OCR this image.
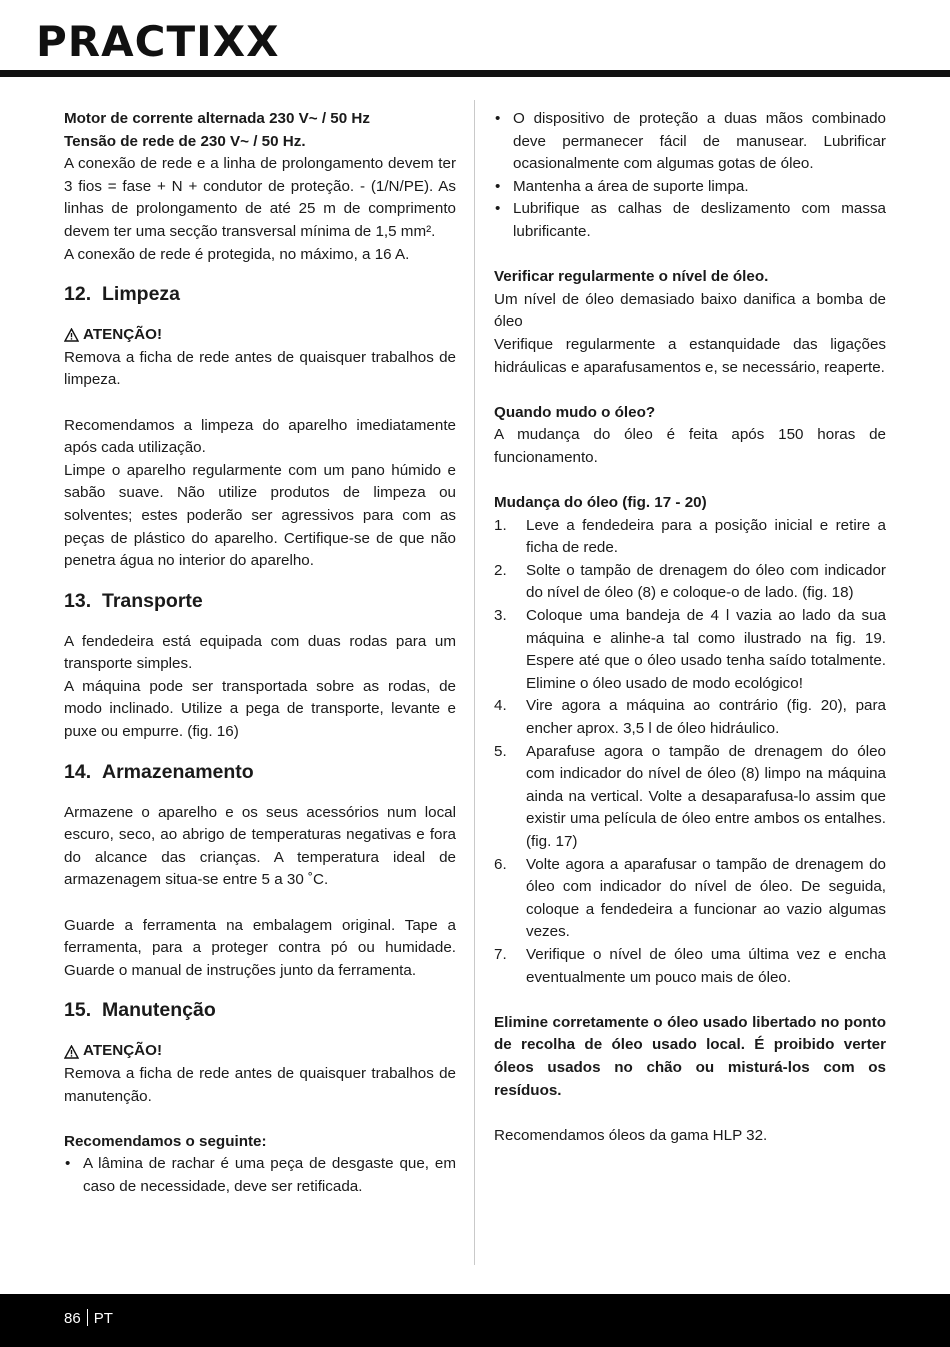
PRACTIXX

Motor de corrente alternada 230 V~ / 50 Hz

Tensão de rede de 230 V~ / 50 Hz.

A conexão de rede e a linha de prolongamento devem ter 3 fios = fase + N + condutor de proteção. - (1/N/PE). As linhas de prolongamento de até 25 m de comprimento devem ter uma secção transversal mínima de 1,5 mm².

A conexão de rede é protegida, no máximo, a 16 A.

12. Limpeza

ATENÇÃO!

Remova a ficha de rede antes de quaisquer trabalhos de limpeza.

Recomendamos a limpeza do aparelho imediatamente após cada utilização.

Limpe o aparelho regularmente com um pano húmido e sabão suave. Não utilize produtos de limpeza ou solventes; estes poderão ser agressivos para com as peças de plástico do aparelho. Certifique-se de que não penetra água no interior do aparelho.

13. Transporte

A fendedeira está equipada com duas rodas para um transporte simples.

A máquina pode ser transportada sobre as rodas, de modo inclinado. Utilize a pega de transporte, levante e puxe ou empurre. (fig. 16)

14. Armazenamento

Armazene o aparelho e os seus acessórios num local escuro, seco, ao abrigo de temperaturas negativas e fora do alcance das crianças. A temperatura ideal de armazenagem situa-se entre 5 a 30 ˚C.

Guarde a ferramenta na embalagem original. Tape a ferramenta, para a proteger contra pó ou humidade. Guarde o manual de instruções junto da ferramenta.

15. Manutenção

ATENÇÃO!

Remova a ficha de rede antes de quaisquer trabalhos de manutenção.

Recomendamos o seguinte:

• A lâmina de rachar é uma peça de desgaste que, em caso de necessidade, deve ser retificada.
• O dispositivo de proteção a duas mãos combinado deve permanecer fácil de manusear. Lubrificar ocasionalmente com algumas gotas de óleo.
• Mantenha a área de suporte limpa.
• Lubrifique as calhas de deslizamento com massa lubrificante.

Verificar regularmente o nível de óleo.

Um nível de óleo demasiado baixo danifica a bomba de óleo

Verifique regularmente a estanquidade das ligações hidráulicas e aparafusamentos e, se necessário, reaperte.

Quando mudo o óleo?

A mudança do óleo é feita após 150 horas de funcionamento.

Mudança do óleo (fig. 17 - 20)

1. Leve a fendedeira para a posição inicial e retire a ficha de rede.
2. Solte o tampão de drenagem do óleo com indicador do nível de óleo (8) e coloque-o de lado. (fig. 18)
3. Coloque uma bandeja de 4 l vazia ao lado da sua máquina e alinhe-a tal como ilustrado na fig. 19. Espere até que o óleo usado tenha saído totalmente. Elimine o óleo usado de modo ecológico!
4. Vire agora a máquina ao contrário (fig. 20), para encher aprox. 3,5 l de óleo hidráulico.
5. Aparafuse agora o tampão de drenagem do óleo com indicador do nível de óleo (8) limpo na máquina ainda na vertical. Volte a desaparafusa-lo assim que existir uma película de óleo entre ambos os entalhes. (fig. 17)
6. Volte agora a aparafusar o tampão de drenagem do óleo com indicador do nível de óleo. De seguida, coloque a fendedeira a funcionar ao vazio algumas vezes.
7. Verifique o nível de óleo uma última vez e encha eventualmente um pouco mais de óleo.

Elimine corretamente o óleo usado libertado no ponto de recolha de óleo usado local. É proibido verter óleos usados no chão ou misturá-los com os resíduos.

Recomendamos óleos da gama HLP 32.

86 PT
